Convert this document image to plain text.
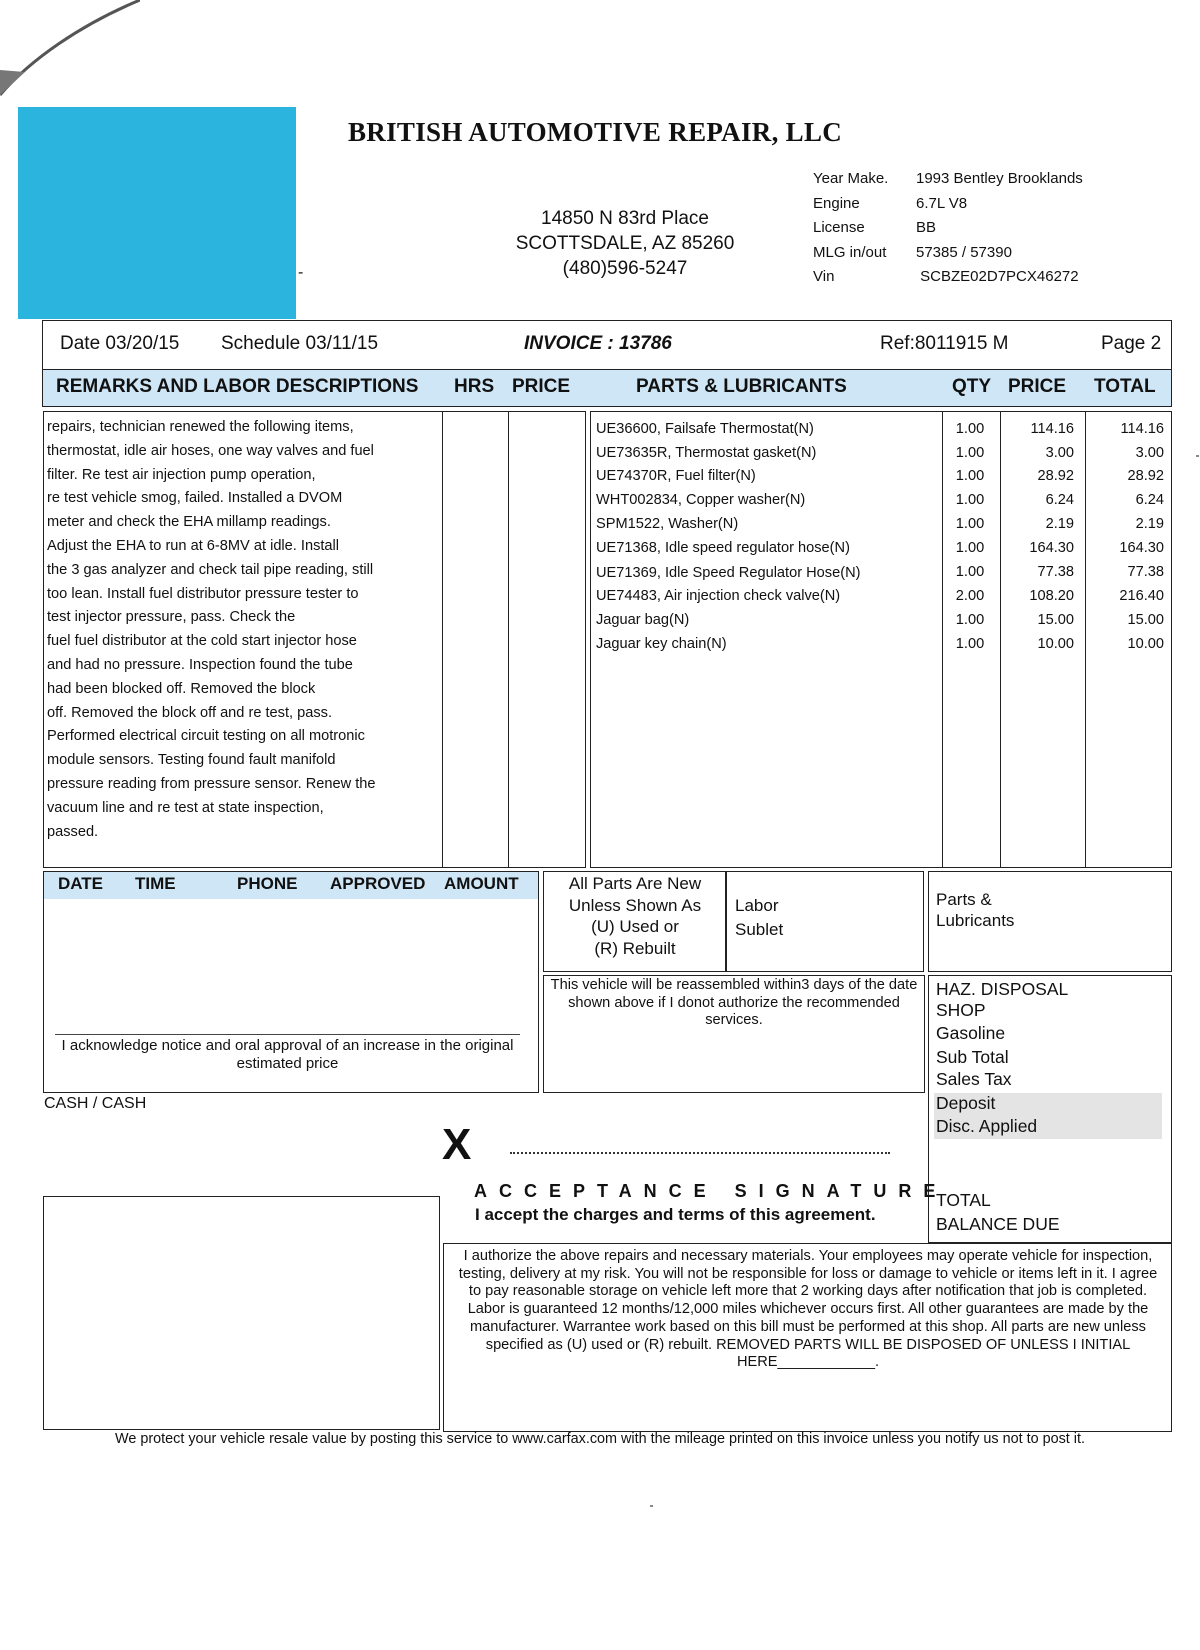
-
BRITISH AUTOMOTIVE REPAIR, LLC
14850 N 83rd Place
SCOTTSDALE, AZ 85260
(480)596-5247
Year Make. 1993 Bentley Brooklands
Engine	6.7L V8
License	BB
MLG in/out 57385 / 57390
Vin	SCBZE02D7PCX46272
Date 03/20/15 Schedule 03/11/15	INVOICE : 13786	Ref:8011915 M	Page 2
REMARKS AND LABOR DESCRIPTIONS HRS PRICE	PARTS & LUBRICANTS	QTY PRICE TOTAL
repairs, technician renewed the following items,
thermostat, idle air hoses, one way valves and fuel
filter. Re test air injection pump operation,
re test vehicle smog, failed. Installed a DVOM
meter and check the EHA millamp readings.
Adjust the EHA to run at 6-8MV at idle. Install
the 3 gas analyzer and check tail pipe reading, still
too lean. Install fuel distributor pressure tester to
test injector pressure, pass. Check the
fuel fuel distributor at the cold start injector hose
and had no pressure. Inspection found the tube
had been blocked off. Removed the block
off. Removed the block off and re test, pass.
Performed electrical circuit testing on all motronic
module sensors. Testing found fault manifold
pressure reading from pressure sensor. Renew the
vacuum line and re test at state inspection,
passed.
UE36600, Failsafe Thermostat(N)	1.00	114.16	114.16
UE73635R, Thermostat gasket(N)	1.00	3.00	3.00
UE74370R, Fuel filter(N)	1.00	28.92	28.92
WHT002834, Copper washer(N)	1.00	6.24	6.24
SPM1522, Washer(N)	1.00	2.19	2.19
UE71368, Idle speed regulator hose(N)	1.00	164.30	164.30
UE71369, Idle Speed Regulator Hose(N)	1.00	77.38	77.38
UE74483, Air injection check valve(N)	2.00	108.20	216.40
Jaguar bag(N)	1.00	15.00	15.00
Jaguar key chain(N)	1.00	10.00	10.00
DATE TIME	PHONE APPROVED AMOUNT
I acknowledge notice and oral approval of an increase in the original estimated price
CASH / CASH
All Parts Are New
Unless Shown As
(U) Used or
(R) Rebuilt
Labor
Sublet
Parts &
Lubricants
This vehicle will be reassembled within3 days of the date shown above if I donot authorize the recommended services.
HAZ. DISPOSAL
SHOP
Gasoline
Sub Total
Sales Tax
Deposit
Disc. Applied
TOTAL
BALANCE DUE
X
ACCEPTANCE SIGNATURE
I accept the charges and terms of this agreement.
I authorize the above repairs and necessary materials. Your employees may operate vehicle for inspection, testing, delivery at my risk. You will not be responsible for loss or damage to vehicle or items left in it. I agree to pay reasonable storage on vehicle left more that 2 working days after notification that job is completed. Labor is guaranteed 12 months/12,000 miles whichever occurs first. All other guarantees are made by the manufacturer. Warrantee work based on this bill must be performed at this shop. All parts are new unless specified as (U) used or (R) rebuilt. REMOVED PARTS WILL BE DISPOSED OF UNLESS I INITIAL HERE____________.
We protect your vehicle resale value by posting this service to www.carfax.com with the mileage printed on this invoice unless you notify us not to post it.
